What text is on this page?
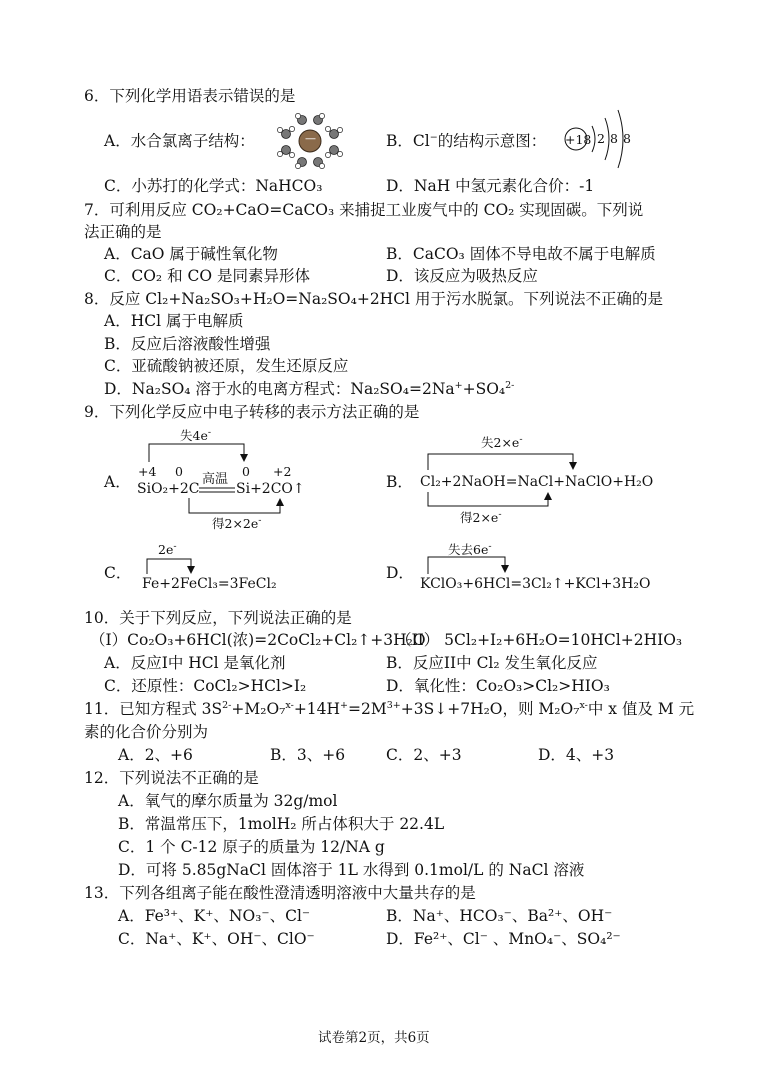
6．下列化学用语表示错误的是
A．水合氯离子结构：	—	B．Cl−的结构示意图： +18 2 8 8
C．小苏打的化学式：NaHCO₃	D．NaH 中氢元素化合价：-1
7．可利用反应 CO₂+CaO=CaCO₃ 来捕捉工业废气中的 CO₂ 实现固碳。下列说
法正确的是
A．CaO 属于碱性氧化物	B．CaCO₃ 固体不导电故不属于电解质
C．CO₂ 和 CO 是同素异形体	D．该反应为吸热反应
8．反应 Cl₂+Na₂SO₃+H₂O=Na₂SO₄+2HCl 用于污水脱氯。下列说法不正确的是
A．HCl 属于电解质
B．反应后溶液酸性增强
C．亚硫酸钠被还原，发生还原反应
D．Na₂SO₄ 溶于水的电离方程式：Na₂SO₄=2Na++SO₄$^{2-}$
9．下列化学反应中电子转移的表示方法正确的是
A．
失4e-
+4 0	0 +2
高温
SiO₂+2C	Si+2CO↑
得2×2e-
B．
失2×e-
Cl₂+2NaOH=NaCl+NaClO+H₂O
得2×e-
C．
2e-
Fe+2FeCl₃=3FeCl₂
D．
失去6e-
KClO₃+6HCl=3Cl₂↑+KCl+3H₂O
10．关于下列反应，下列说法正确的是
（I）Co₂O₃+6HCl(浓)=2CoCl₂+Cl₂↑+3H₂O
（II） 5Cl₂+I₂+6H₂O=10HCl+2HIO₃
A．反应I中 HCl 是氧化剂	B．反应II中 Cl₂ 发生氧化反应
C．还原性：CoCl₂>HCl>I₂	D．氧化性：Co₂O₃>Cl₂>HIO₃
11．已知方程式 $3S^{2-}+M_2O_7^{x-}+14H^+=2M^{3+}+3S↓+7H_2O$，则 M₂O₇$^{x-}$中 x 值及 M 元
素的化合价分别为
A．2、+6	B．3、+6	C．2、+3	D．4、+3
12．下列说法不正确的是
A．氧气的摩尔质量为 32g/mol
B．常温常压下，1molH₂ 所占体积大于 22.4L
C．1 个 C-12 原子的质量为 12/NA g
D．可将 5.85gNaCl 固体溶于 1L 水得到 0.1mol/L 的 NaCl 溶液
13．下列各组离子能在酸性澄清透明溶液中大量共存的是
A．Fe³⁺、K⁺、NO₃⁻、Cl⁻	B．Na⁺、HCO₃⁻、Ba²⁺、OH⁻
C．Na⁺、K⁺、OH⁻、ClO⁻	D．Fe²⁺、Cl⁻ 、MnO₄⁻、SO₄²⁻
试卷第2页，共6页
